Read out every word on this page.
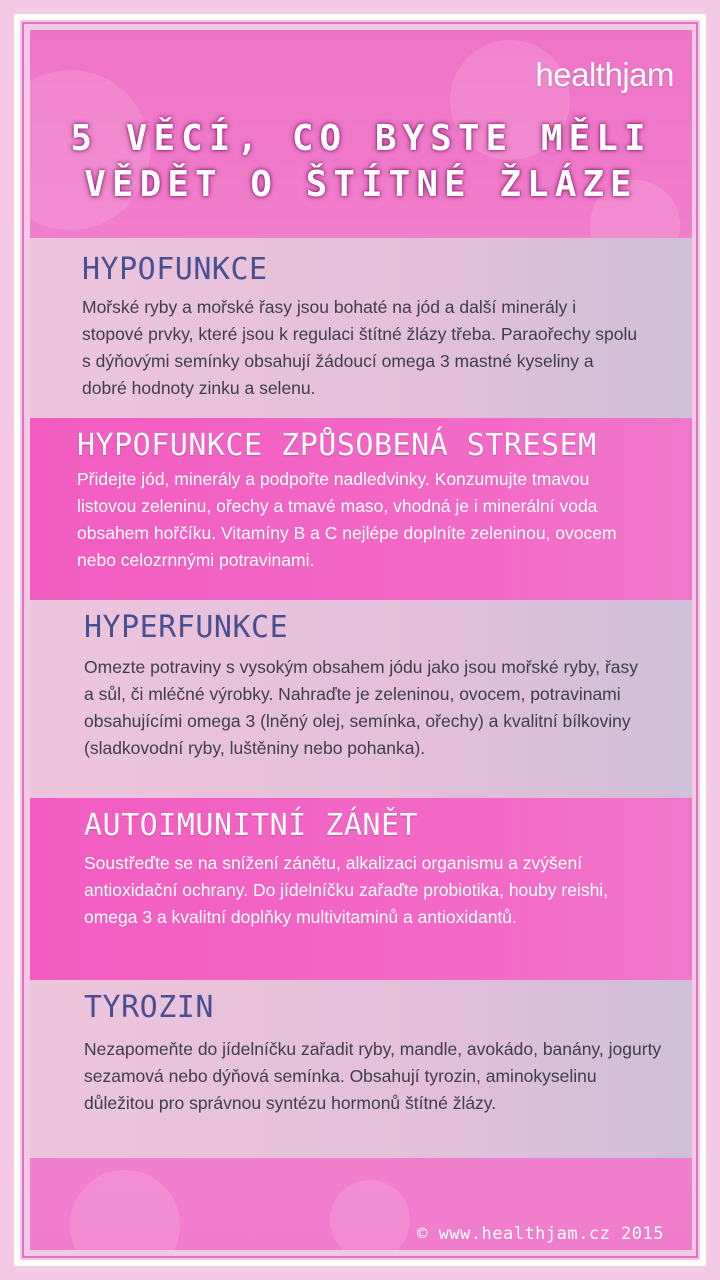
healthjam
5 VĚCÍ, CO BYSTE MĚLI
VĚDĚT O ŠTÍTNÉ ŽLÁZE
HYPOFUNKCE

Mořské ryby a mořské řasy jsou bohaté na jód a další minerály i stopové prvky, které jsou k regulaci štítné žlázy třeba. Paraořechy spolu s dýňovými semínky obsahují žádoucí omega 3 mastné kyseliny a dobré hodnoty zinku a selenu.

HYPOFUNKCE ZPŮSOBENÁ STRESEM

Přidejte jód, minerály a podpořte nadledvinky. Konzumujte tmavou listovou zeleninu, ořechy a tmavé maso, vhodná je i minerální voda obsahem hořčíku. Vitamíny B a C nejlépe doplníte zeleninou, ovocem nebo celozrnnými potravinami.

HYPERFUNKCE

Omezte potraviny s vysokým obsahem jódu jako jsou mořské ryby, řasy a sůl, či mléčné výrobky. Nahraďte je zeleninou, ovocem, potravinami obsahujícími omega 3 (lněný olej, semínka, ořechy) a kvalitní bílkoviny (sladkovodní ryby, luštěniny nebo pohanka).

AUTOIMUNITNÍ ZÁNĚT

Soustřeďte se na snížení zánětu, alkalizaci organismu a zvýšení antioxidační ochrany. Do jídelníčku zařaďte probiotika, houby reishi, omega 3 a kvalitní doplňky multivitaminů a antioxidantů.

TYROZIN

Nezapomeňte do jídelníčku zařadit ryby, mandle, avokádo, banány, jogurty sezamová nebo dýňová semínka. Obsahují tyrozin, aminokyselinu důležitou pro správnou syntézu hormonů štítné žlázy.

© www.healthjam.cz 2015
